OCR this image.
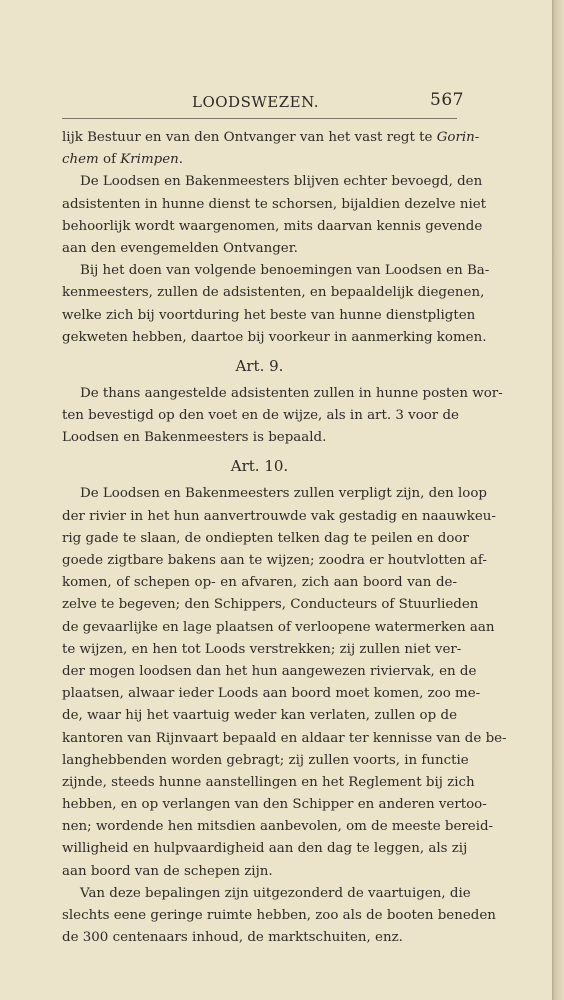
LOODSWEZEN.	567
lijk Bestuur en van den Ontvanger van het vast regt te Gorin-
chem of Krimpen.
De Loodsen en Bakenmeesters blijven echter bevoegd, den
adsistenten in hunne dienst te schorsen, bijaldien dezelve niet
behoorlijk wordt waargenomen, mits daarvan kennis gevende
aan den evengemelden Ontvanger.
Bij het doen van volgende benoemingen van Loodsen en Ba-
kenmeesters, zullen de adsistenten, en bepaaldelijk diegenen,
welke zich bij voortduring het beste van hunne dienstpligten
gekweten hebben, daartoe bij voorkeur in aanmerking komen.
Art. 9.
De thans aangestelde adsistenten zullen in hunne posten wor-
ten bevestigd op den voet en de wijze, als in art. 3 voor de
Loodsen en Bakenmeesters is bepaald.
Art. 10.
De Loodsen en Bakenmeesters zullen verpligt zijn, den loop
der rivier in het hun aanvertrouwde vak gestadig en naauwkeu-
rig gade te slaan, de ondiepten telken dag te peilen en door
goede zigtbare bakens aan te wijzen; zoodra er houtvlotten af-
komen, of schepen op- en afvaren, zich aan boord van de-
zelve te begeven; den Schippers, Conducteurs of Stuurlieden
de gevaarlijke en lage plaatsen of verloopene watermerken aan
te wijzen, en hen tot Loods verstrekken; zij zullen niet ver-
der mogen loodsen dan het hun aangewezen riviervak, en de
plaatsen, alwaar ieder Loods aan boord moet komen, zoo me-
de, waar hij het vaartuig weder kan verlaten, zullen op de
kantoren van Rijnvaart bepaald en aldaar ter kennisse van de be-
langhebbenden worden gebragt; zij zullen voorts, in functie
zijnde, steeds hunne aanstellingen en het Reglement bij zich
hebben, en op verlangen van den Schipper en anderen vertoo-
nen; wordende hen mitsdien aanbevolen, om de meeste bereid-
willigheid en hulpvaardigheid aan den dag te leggen, als zij
aan boord van de schepen zijn.
Van deze bepalingen zijn uitgezonderd de vaartuigen, die
slechts eene geringe ruimte hebben, zoo als de booten beneden
de 300 centenaars inhoud, de marktschuiten, enz.
